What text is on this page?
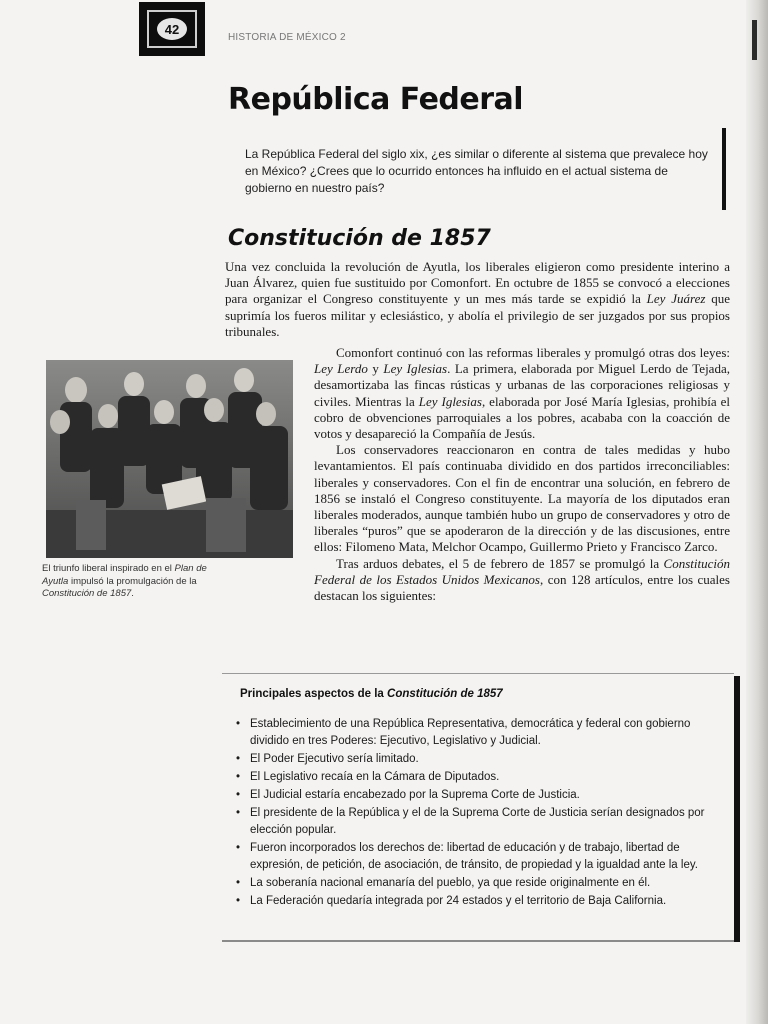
42
HISTORIA DE MÉXICO 2
República Federal
La República Federal del siglo xix, ¿es similar o diferente al sistema que prevalece hoy en México? ¿Crees que lo ocurrido entonces ha influido en el actual sistema de gobierno en nuestro país?
Constitución de 1857
Una vez concluida la revolución de Ayutla, los liberales eligieron como presidente interino a Juan Álvarez, quien fue sustituido por Comonfort. En octubre de 1855 se convocó a elecciones para organizar el Congreso constituyente y un mes más tarde se expidió la Ley Juárez que suprimía los fueros militar y eclesiástico, y abolía el privilegio de ser juzgados por sus propios tribunales.
El triunfo liberal inspirado en el Plan de Ayutla impulsó la promulgación de la Constitución de 1857.

Comonfort continuó con las reformas liberales y promulgó otras dos leyes: Ley Lerdo y Ley Iglesias. La primera, elaborada por Miguel Lerdo de Tejada, desamortizaba las fincas rústicas y urbanas de las corporaciones religiosas y civiles. Mientras la Ley Iglesias, elaborada por José María Iglesias, prohibía el cobro de obvenciones parroquiales a los pobres, acababa con la coacción de votos y desapareció la Compañía de Jesús.

Los conservadores reaccionaron en contra de tales medidas y hubo levantamientos. El país continuaba dividido en dos partidos irreconciliables: liberales y conservadores. Con el fin de encontrar una solución, en febrero de 1856 se instaló el Congreso constituyente. La mayoría de los diputados eran liberales moderados, aunque también hubo un grupo de conservadores y otro de liberales “puros” que se apoderaron de la dirección y de las discusiones, entre ellos: Filomeno Mata, Melchor Ocampo, Guillermo Prieto y Francisco Zarco.

Tras arduos debates, el 5 de febrero de 1857 se promulgó la Constitución Federal de los Estados Unidos Mexicanos, con 128 artículos, entre los cuales destacan los siguientes:

Principales aspectos de la Constitución de 1857
• Establecimiento de una República Representativa, democrática y federal con gobierno dividido en tres Poderes: Ejecutivo, Legislativo y Judicial.
• El Poder Ejecutivo sería limitado.
• El Legislativo recaía en la Cámara de Diputados.
• El Judicial estaría encabezado por la Suprema Corte de Justicia.
• El presidente de la República y el de la Suprema Corte de Justicia serían designados por elección popular.
• Fueron incorporados los derechos de: libertad de educación y de trabajo, libertad de expresión, de petición, de asociación, de tránsito, de propiedad y la igualdad ante la ley.
• La soberanía nacional emanaría del pueblo, ya que reside originalmente en él.
• La Federación quedaría integrada por 24 estados y el territorio de Baja California.
